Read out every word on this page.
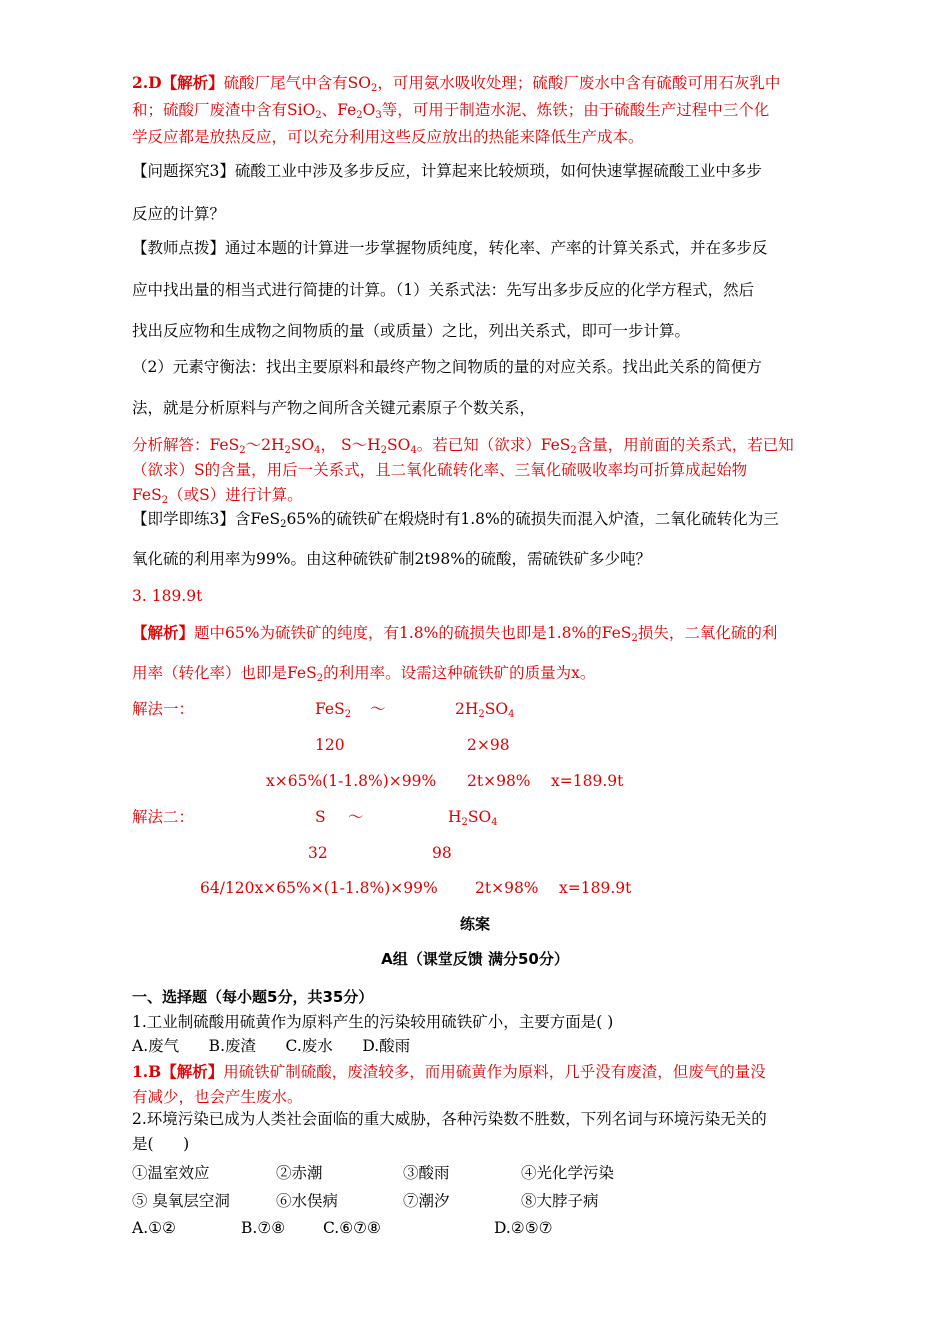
2.D【解析】硫酸厂尾气中含有$SO_2$，可用氨水吸收处理；硫酸厂废水中含有硫酸可用石灰乳中
和；硫酸厂废渣中含有SiO$_2$、$Fe_2O_3$等，可用于制造水泥、炼铁；由于硫酸生产过程中三个化
学反应都是放热反应，可以充分利用这些反应放出的热能来降低生产成本。
【问题探究3】硫酸工业中涉及多步反应，计算起来比较烦琐，如何快速掌握硫酸工业中多步
反应的计算？
【教师点拨】通过本题的计算进一步掌握物质纯度，转化率、产率的计算关系式，并在多步反
应中找出量的相当式进行简捷的计算。（1）关系式法：先写出多步反应的化学方程式，然后
找出反应物和生成物之间物质的量（或质量）之比，列出关系式，即可一步计算。
（2）元素守衡法：找出主要原料和最终产物之间物质的量的对应关系。找出此关系的简便方
法，就是分析原料与产物之间所含关键元素原子个数关系，
分析解答：$FeS_2\sim 2H_2SO_4$， $S\sim H_2SO_4$。若已知（欲求）FeS$_2$含量，用前面的关系式，若已知
（欲求）S的含量，用后一关系式，且二氧化硫转化率、三氧化硫吸收率均可折算成起始物
FeS$_2$（或S）进行计算。
【即学即练3】含FeS$_2$65%的硫铁矿在煅烧时有1.8%的硫损失而混入炉渣，二氧化硫转化为三
氧化硫的利用率为99%。由这种硫铁矿制2t98%的硫酸，需硫铁矿多少吨？
3. 189.9t
【解析】题中65%为硫铁矿的纯度，有1.8%的硫损失也即是1.8%的FeS$_2$损失，二氧化硫的利
用率（转化率）也即是FeS$_2$的利用率。设需这种硫铁矿的质量为x。
解法一：	FeS$_2$ ～	$2H_2SO_4$
120	2×98
x×65%(1-1.8%)×99% 2t×98% x=189.9t
解法二：	S ～	$H_2SO_4$
32	98
64/120x×65%×(1-1.8%)×99% 2t×98% x=189.9t
练案
A组（课堂反馈 满分50分）
一、选择题（每小题5分，共35分）
1.工业制硫酸用硫黄作为原料产生的污染较用硫铁矿小，主要方面是( )
A.废气      B.废渣      C.废水      D.酸雨
1.B【解析】用硫铁矿制硫酸，废渣较多，而用硫黄作为原料，几乎没有废渣，但废气的量没
有减少，也会产生废水。
2.环境污染已成为人类社会面临的重大威胁，各种污染数不胜数，下列名词与环境污染无关的
是(      )
①温室效应	②赤潮	③酸雨	④光化学污染
⑤ 臭氧层空洞	⑥水俣病	⑦潮汐	⑧大脖子病
A.①②	B.⑦⑧ C.⑥⑦⑧	D.②⑤⑦
